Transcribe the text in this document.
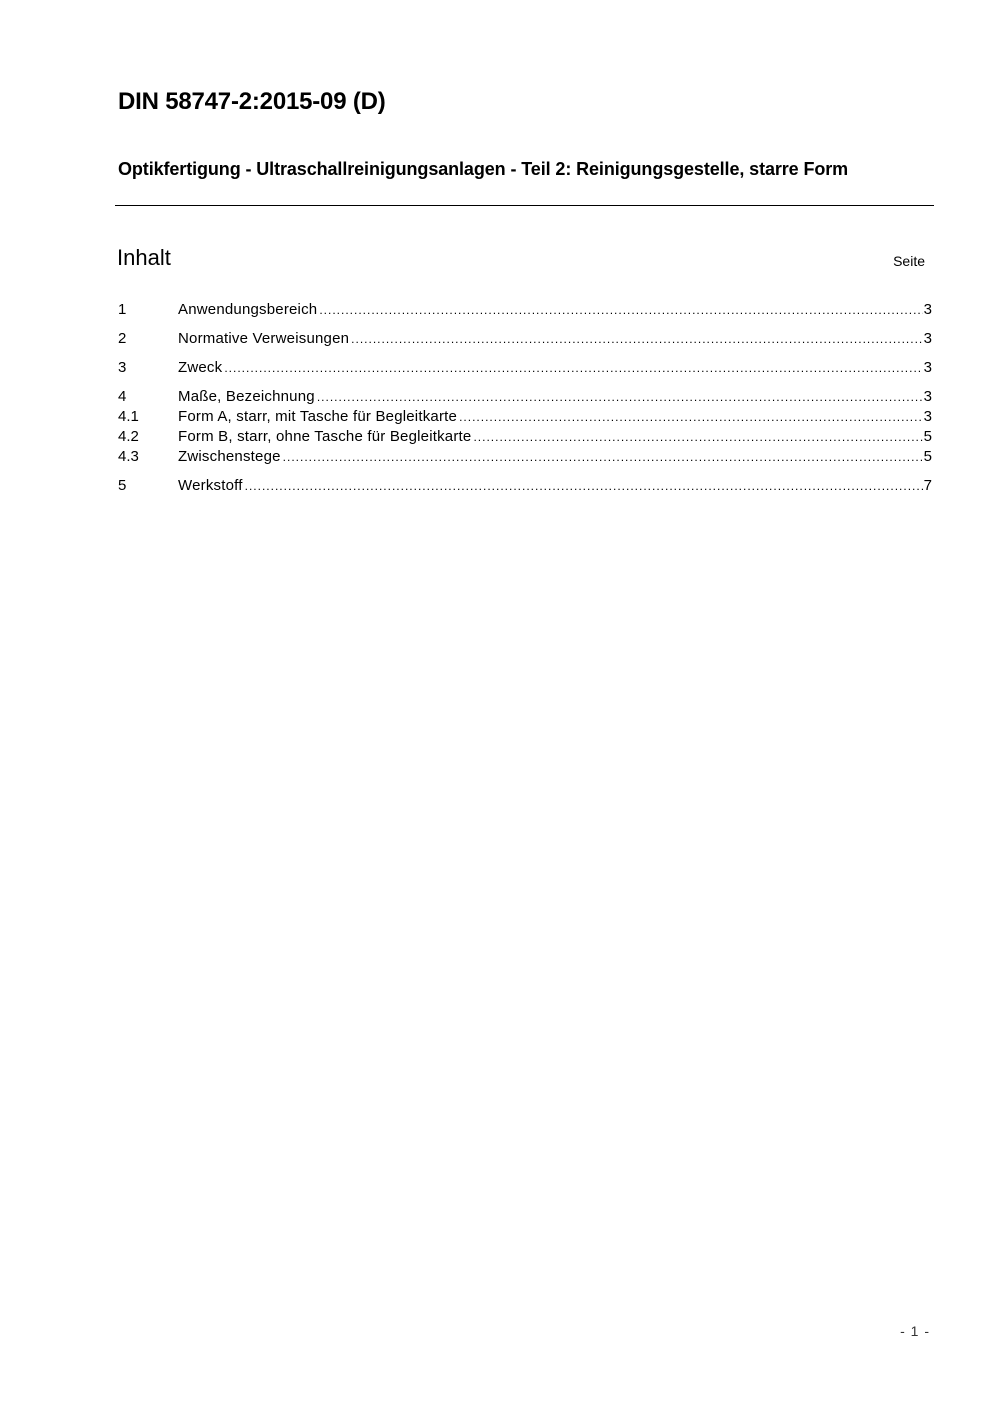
DIN 58747-2:2015-09 (D)
Optikfertigung - Ultraschallreinigungsanlagen - Teil 2: Reinigungsgestelle, starre Form
Inhalt	Seite
1	Anwendungsbereich .....	3
2	Normative Verweisungen .....	3
3	Zweck .....	3
4	Maße, Bezeichnung .....	3
4.1	Form A, starr, mit Tasche für Begleitkarte .....	3
4.2	Form B, starr, ohne Tasche für Begleitkarte .....	5
4.3	Zwischenstege .....	5
5	Werkstoff .....	7
- 1 -
